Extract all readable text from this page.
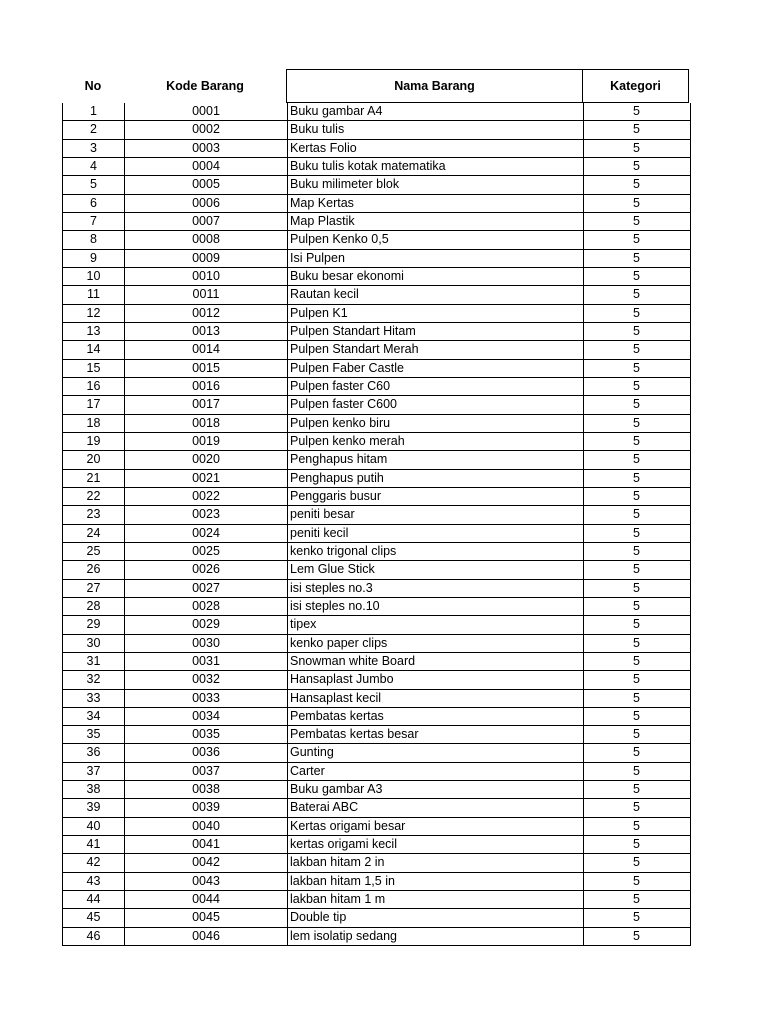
No	Kode Barang	Nama Barang	Kategori
1	0001	Buku gambar A4	5
2	0002	Buku tulis	5
3	0003	Kertas Folio	5
4	0004	Buku tulis kotak matematika	5
5	0005	Buku milimeter blok	5
6	0006	Map Kertas	5
7	0007	Map Plastik	5
8	0008	Pulpen Kenko 0,5	5
9	0009	Isi Pulpen	5
10	0010	Buku besar ekonomi	5
11	0011	Rautan kecil	5
12	0012	Pulpen K1	5
13	0013	Pulpen Standart Hitam	5
14	0014	Pulpen Standart Merah	5
15	0015	Pulpen Faber Castle	5
16	0016	Pulpen faster C60	5
17	0017	Pulpen faster C600	5
18	0018	Pulpen kenko biru	5
19	0019	Pulpen kenko merah	5
20	0020	Penghapus hitam	5
21	0021	Penghapus putih	5
22	0022	Penggaris busur	5
23	0023	peniti besar	5
24	0024	peniti kecil	5
25	0025	kenko trigonal clips	5
26	0026	Lem Glue Stick	5
27	0027	isi steples no.3	5
28	0028	isi steples no.10	5
29	0029	tipex	5
30	0030	kenko paper clips	5
31	0031	Snowman white Board	5
32	0032	Hansaplast Jumbo	5
33	0033	Hansaplast kecil	5
34	0034	Pembatas kertas	5
35	0035	Pembatas kertas besar	5
36	0036	Gunting	5
37	0037	Carter	5
38	0038	Buku gambar A3	5
39	0039	Baterai ABC	5
40	0040	Kertas origami besar	5
41	0041	kertas origami kecil	5
42	0042	lakban hitam 2 in	5
43	0043	lakban hitam 1,5 in	5
44	0044	lakban hitam 1 m	5
45	0045	Double tip	5
46	0046	lem isolatip sedang	5
